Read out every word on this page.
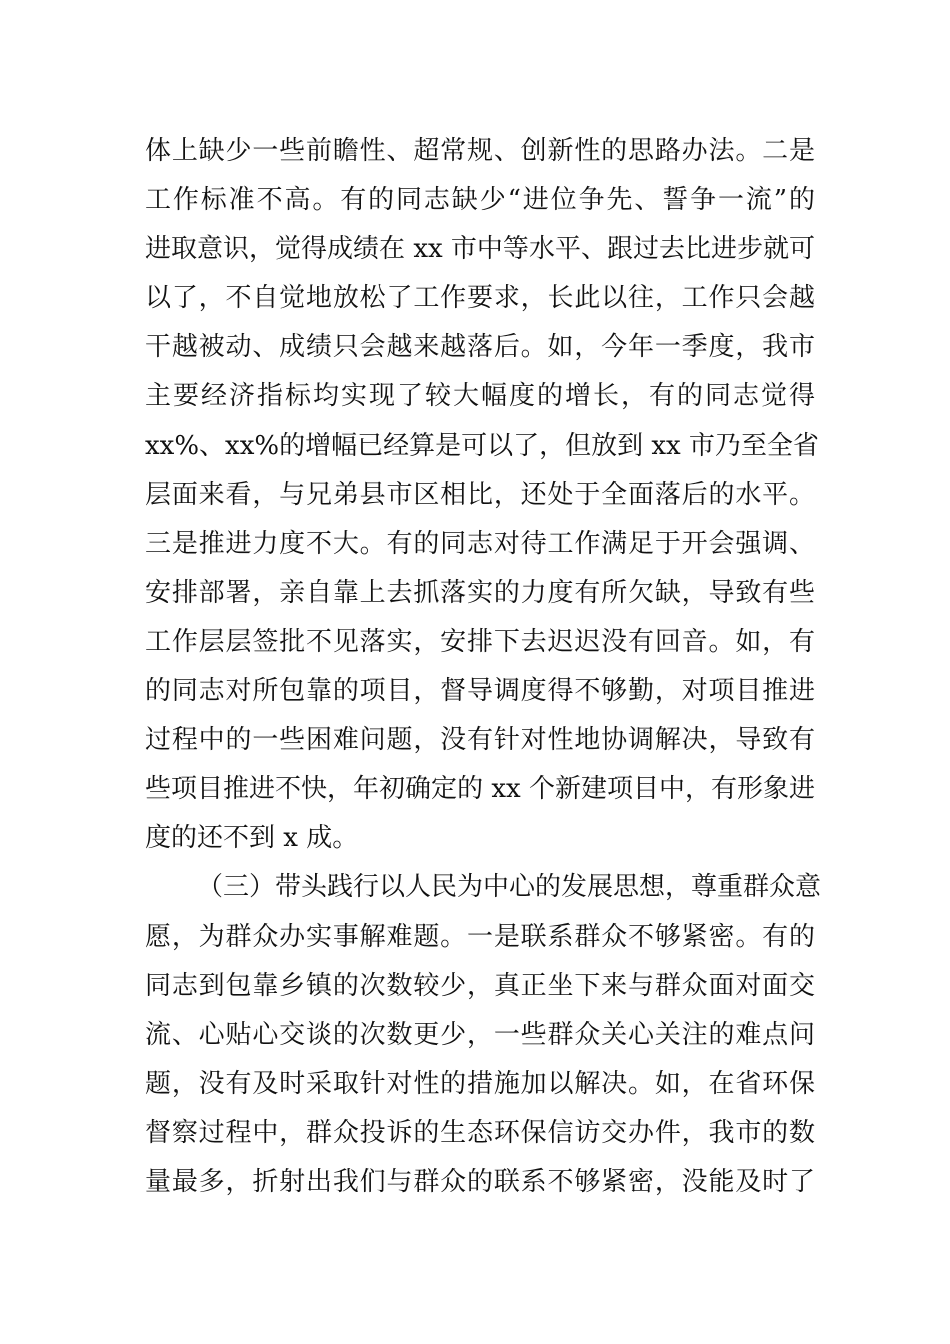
体上缺少一些前瞻性、超常规、创新性的思路办法。二是
工作标准不高。有的同志缺少“进位争先、誓争一流”的
进取意识，觉得成绩在 xx 市中等水平、跟过去比进步就可
以了，不自觉地放松了工作要求，长此以往，工作只会越
干越被动、成绩只会越来越落后。如，今年一季度，我市
主要经济指标均实现了较大幅度的增长，有的同志觉得
xx%、xx%的增幅已经算是可以了，但放到 xx 市乃至全省
层面来看，与兄弟县市区相比，还处于全面落后的水平。
三是推进力度不大。有的同志对待工作满足于开会强调、
安排部署，亲自靠上去抓落实的力度有所欠缺，导致有些
工作层层签批不见落实，安排下去迟迟没有回音。如，有
的同志对所包靠的项目，督导调度得不够勤，对项目推进
过程中的一些困难问题，没有针对性地协调解决，导致有
些项目推进不快，年初确定的 xx 个新建项目中，有形象进
度的还不到 x 成。
（三）带头践行以人民为中心的发展思想，尊重群众意
愿，为群众办实事解难题。一是联系群众不够紧密。有的
同志到包靠乡镇的次数较少，真正坐下来与群众面对面交
流、心贴心交谈的次数更少，一些群众关心关注的难点问
题，没有及时采取针对性的措施加以解决。如，在省环保
督察过程中，群众投诉的生态环保信访交办件，我市的数
量最多，折射出我们与群众的联系不够紧密，没能及时了
